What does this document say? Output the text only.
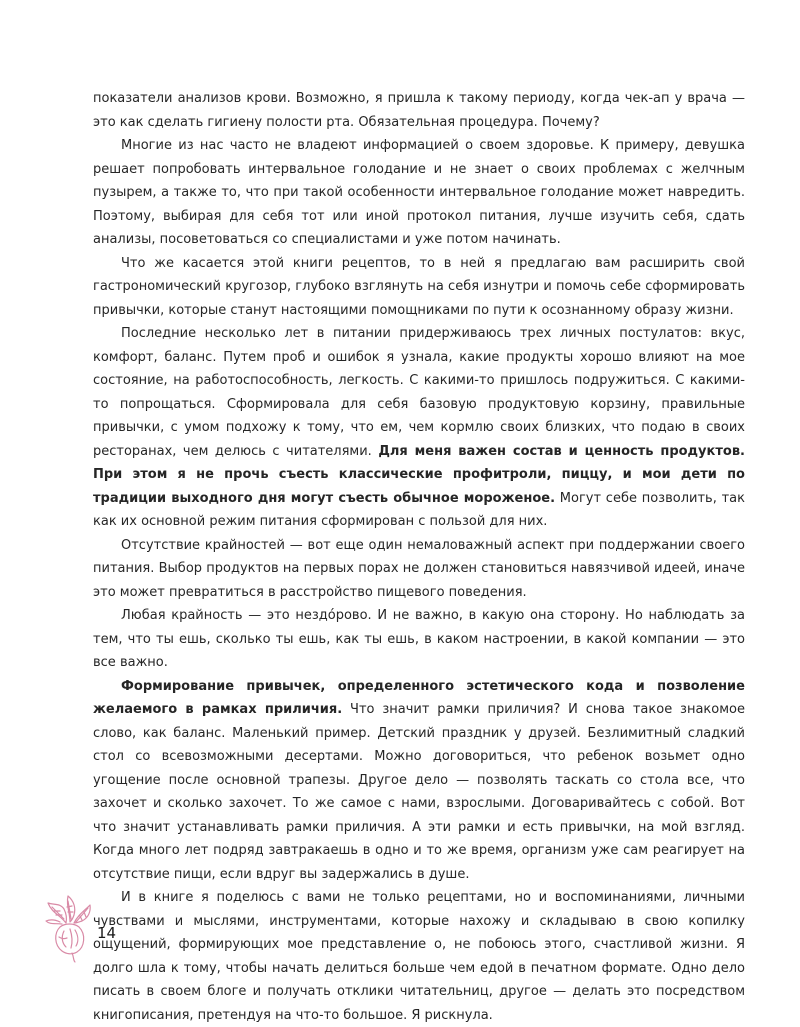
показатели анализов крови. Возможно, я пришла к такому периоду, когда чек-ап у врача — это как сделать гигиену полости рта. Обязательная процедура. Почему?

Многие из нас часто не владеют информацией о своем здоровье. К примеру, девушка решает попробовать интервальное голодание и не знает о своих проблемах с желчным пузырем, а также то, что при такой особенности интервальное голодание может навредить. Поэтому, выбирая для себя тот или иной протокол питания, лучше изучить себя, сдать анализы, посоветоваться со специалистами и уже потом начинать.

Что же касается этой книги рецептов, то в ней я предлагаю вам расширить свой гастрономический кругозор, глубоко взглянуть на себя изнутри и помочь себе сформировать привычки, которые станут настоящими помощниками по пути к осознанному образу жизни.

Последние несколько лет в питании придерживаюсь трех личных постулатов: вкус, комфорт, баланс. Путем проб и ошибок я узнала, какие продукты хорошо влияют на мое состояние, на работоспособность, легкость. С какими-то пришлось подружиться. С какими-то попрощаться. Сформировала для себя базовую продуктовую корзину, правильные привычки, с умом подхожу к тому, что ем, чем кормлю своих близких, что подаю в своих ресторанах, чем делюсь с читателями. Для меня важен состав и ценность продуктов. При этом я не прочь съесть классические профитроли, пиццу, и мои дети по традиции выходного дня могут съесть обычное мороженое. Могут себе позволить, так как их основной режим питания сформирован с пользой для них.

Отсутствие крайностей — вот еще один немаловажный аспект при поддержании своего питания. Выбор продуктов на первых порах не должен становиться навязчивой идеей, иначе это может превратиться в расстройство пищевого поведения.

Любая крайность — это нездо́рово. И не важно, в какую она сторону. Но наблюдать за тем, что ты ешь, сколько ты ешь, как ты ешь, в каком настроении, в какой компании — это все важно.

Формирование привычек, определенного эстетического кода и позволение желаемого в рамках приличия. Что значит рамки приличия? И снова такое знакомое слово, как баланс. Маленький пример. Детский праздник у друзей. Безлимитный сладкий стол со всевозможными десертами. Можно договориться, что ребенок возьмет одно угощение после основной трапезы. Другое дело — позволять таскать со стола все, что захочет и сколько захочет. То же самое с нами, взрослыми. Договаривайтесь с собой. Вот что значит устанавливать рамки приличия. А эти рамки и есть привычки, на мой взгляд. Когда много лет подряд завтракаешь в одно и то же время, организм уже сам реагирует на отсутствие пищи, если вдруг вы задержались в душе.

И в книге я поделюсь с вами не только рецептами, но и воспоминаниями, личными чувствами и мыслями, инструментами, которые нахожу и складываю в свою копилку ощущений, формирующих мое представление о, не побоюсь этого, счастливой жизни. Я долго шла к тому, чтобы начать делиться больше чем едой в печатном формате. Одно дело писать в своем блоге и получать отклики читательниц, другое — делать это посредством книгописания, претендуя на что-то большое. Я рискнула.

14
